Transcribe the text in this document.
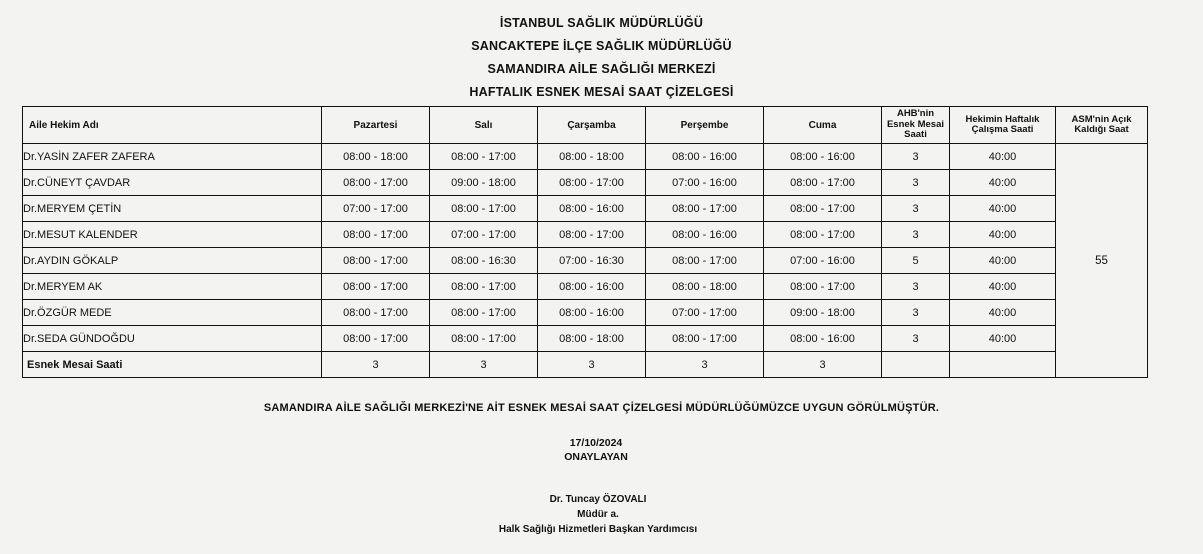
İSTANBUL SAĞLIK MÜDÜRLÜĞÜ
SANCAKTEPE İLÇE SAĞLIK MÜDÜRLÜĞÜ
SAMANDIRA AİLE SAĞLIĞI MERKEZİ
HAFTALIK ESNEK MESAİ SAAT ÇİZELGESİ
Aile Hekim Adı	Pazartesi	Salı	Çarşamba	Perşembe	Cuma	AHB'nin Esnek Mesai Saati	Hekimin Haftalık Çalışma Saati	ASM'nin Açık Kaldığı Saat
Dr.YASİN ZAFER ZAFERA	08:00 - 18:00	08:00 - 17:00	08:00 - 18:00	08:00 - 16:00	08:00 - 16:00	3	40:00	55
Dr.CÜNEYT ÇAVDAR	08:00 - 17:00	09:00 - 18:00	08:00 - 17:00	07:00 - 16:00	08:00 - 17:00	3	40:00	
Dr.MERYEM ÇETİN	07:00 - 17:00	08:00 - 17:00	08:00 - 16:00	08:00 - 17:00	08:00 - 17:00	3	40:00	
Dr.MESUT KALENDER	08:00 - 17:00	07:00 - 17:00	08:00 - 17:00	08:00 - 16:00	08:00 - 17:00	3	40:00	
Dr.AYDIN GÖKALP	08:00 - 17:00	08:00 - 16:30	07:00 - 16:30	08:00 - 17:00	07:00 - 16:00	5	40:00	
Dr.MERYEM AK	08:00 - 17:00	08:00 - 17:00	08:00 - 16:00	08:00 - 18:00	08:00 - 17:00	3	40:00	
Dr.ÖZGÜR MEDE	08:00 - 17:00	08:00 - 17:00	08:00 - 16:00	07:00 - 17:00	09:00 - 18:00	3	40:00	
Dr.SEDA GÜNDOĞDU	08:00 - 17:00	08:00 - 17:00	08:00 - 18:00	08:00 - 17:00	08:00 - 16:00	3	40:00	
Esnek Mesai Saati	3	3	3	3	3			
SAMANDIRA AİLE SAĞLIĞI MERKEZİ'NE AİT ESNEK MESAİ SAAT ÇİZELGESİ MÜDÜRLÜĞÜMÜZCE UYGUN GÖRÜLMÜŞTÜR.
17/10/2024
ONAYLAYAN
Dr. Tuncay ÖZOVALI
Müdür a.
Halk Sağlığı Hizmetleri Başkan Yardımcısı
